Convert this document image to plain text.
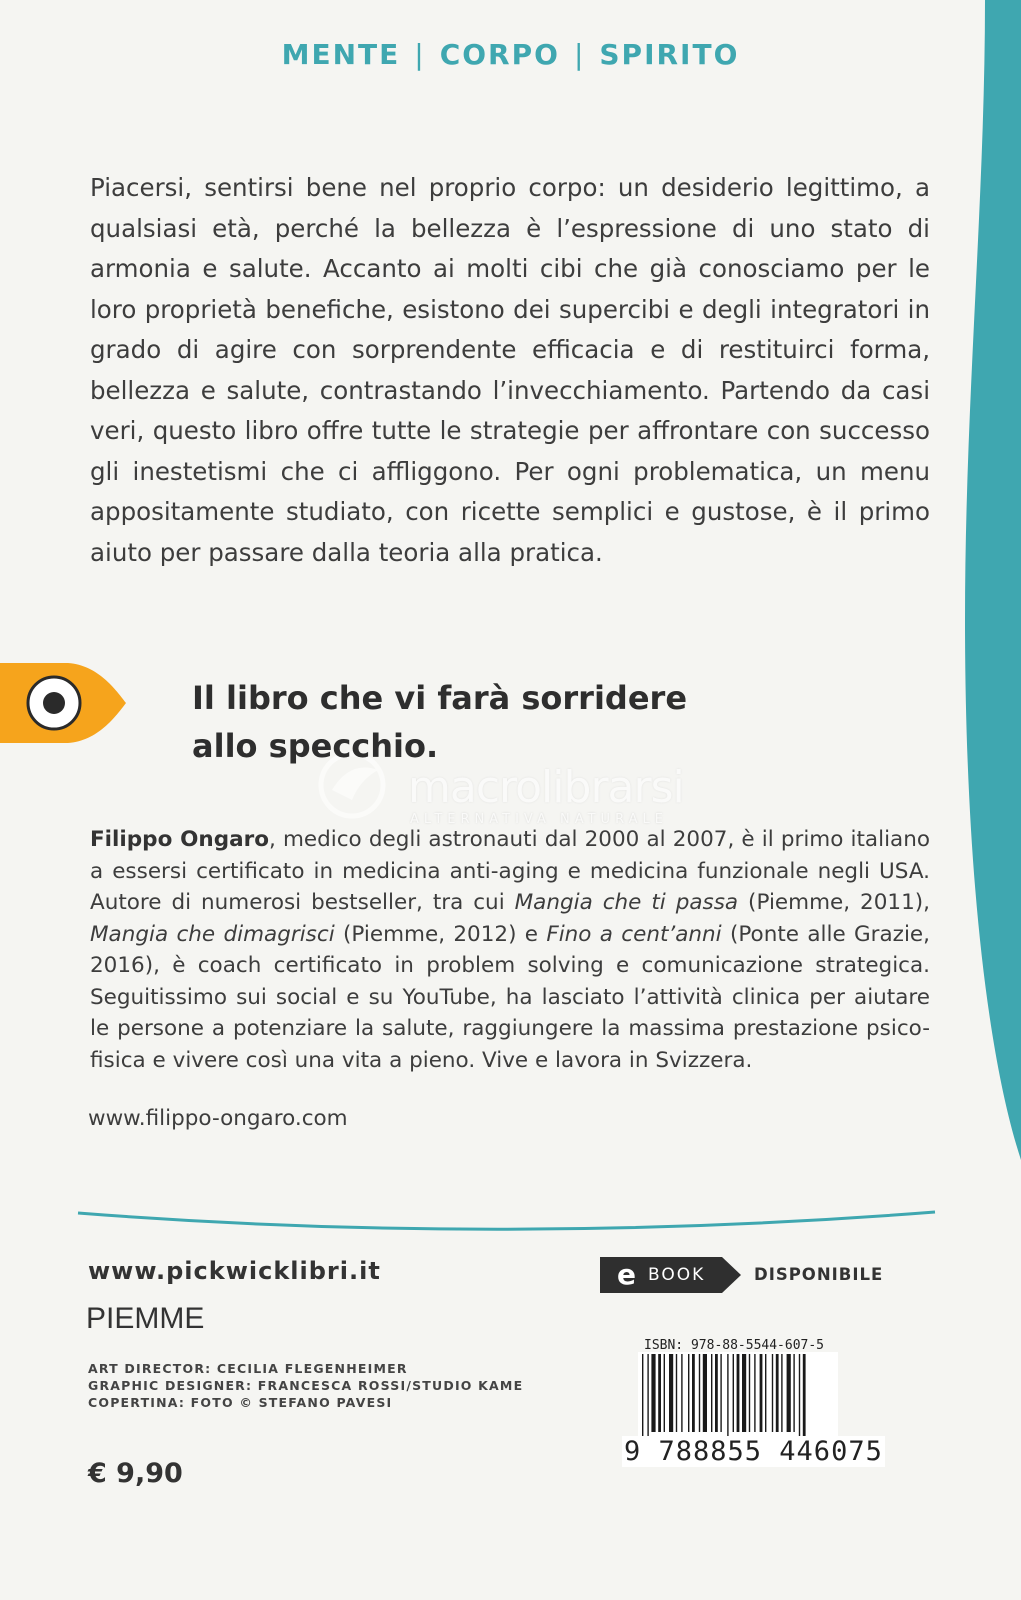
MENTE | CORPO | SPIRITO

Piacersi, sentirsi bene nel proprio corpo: un desiderio legittimo, a qualsiasi età, perché la bellezza è l’espressione di uno stato di armonia e salute. Accanto ai molti cibi che già conosciamo per le loro proprietà benefiche, esistono dei supercibi e degli integratori in grado di agire con sorprendente efficacia e di restituirci forma, bellezza e salute, contrastando l’invecchiamento. Partendo da casi veri, questo libro offre tutte le strategie per affrontare con successo gli inestetismi che ci affliggono. Per ogni problematica, un menu appositamente studiato, con ricette semplici e gustose, è il primo aiuto per passare dalla teoria alla pratica.

Il libro che vi farà sorridere
allo specchio.

macrolibrarsi
ALTERNATIVA NATURALE

Filippo Ongaro, medico degli astronauti dal 2000 al 2007, è il primo italiano a essersi certificato in medicina anti-aging e medicina funzionale negli USA. Autore di numerosi bestseller, tra cui Mangia che ti passa (Piemme, 2011), Mangia che dimagrisci (Piemme, 2012) e Fino a cent’anni (Ponte alle Grazie, 2016), è coach certificato in problem solving e comunicazione strategica. Seguitissimo sui social e su YouTube, ha lasciato l’attività clinica per aiutare le persone a potenziare la salute, raggiungere la massima prestazione psico-fisica e vivere così una vita a pieno. Vive e lavora in Svizzera.

www.filippo-ongaro.com
www.pickwicklibri.it
PIEMME
ART DIRECTOR: CECILIA FLEGENHEIMER
GRAPHIC DESIGNER: FRANCESCA ROSSI/STUDIO KAME
COPERTINA: FOTO © STEFANO PAVESI
€ 9,90
e BOOK	DISPONIBILE
ISBN: 978-88-5544-607-5
9 788855 446075
